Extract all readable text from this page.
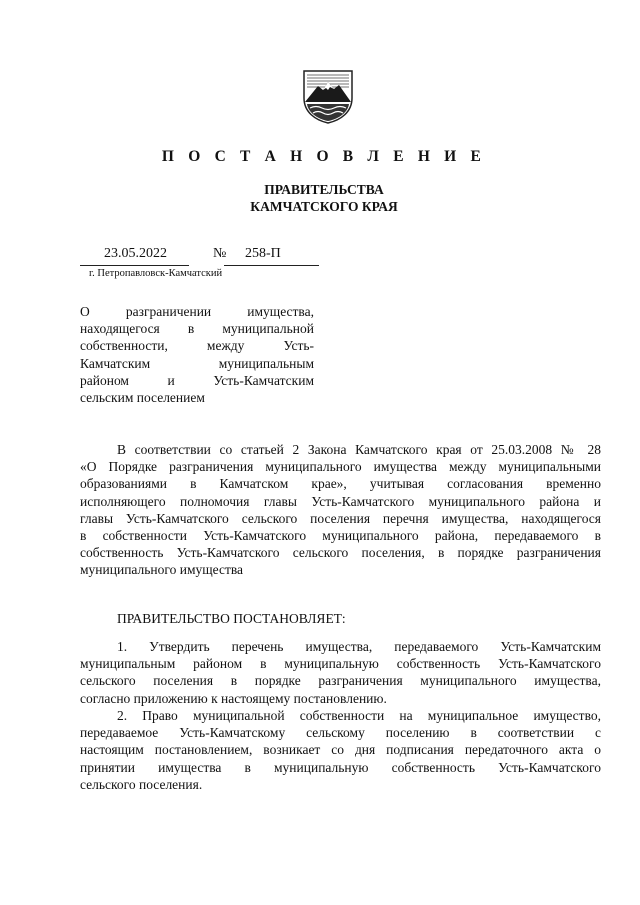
П О С Т А Н О В Л Е Н И Е
ПРАВИТЕЛЬСТВА
КАМЧАТСКОГО КРАЯ
23.05.2022	№ 258-П
г. Петропавловск-Камчатский
О разграничении имущества,
находящегося в муниципальной
собственности, между Усть-
Камчатским муниципальным
районом и Усть-Камчатским
сельским поселением
В соответствии со статьей 2 Закона Камчатского края от 25.03.2008 № 28
«О Порядке разграничения муниципального имущества между муниципальными
образованиями в Камчатском крае», учитывая согласования временно
исполняющего полномочия главы Усть-Камчатского муниципального района и
главы Усть-Камчатского сельского поселения перечня имущества, находящегося
в собственности Усть-Камчатского муниципального района, передаваемого в
собственность Усть-Камчатского сельского поселения, в порядке разграничения
муниципального имущества
ПРАВИТЕЛЬСТВО ПОСТАНОВЛЯЕТ:
1. Утвердить перечень имущества, передаваемого Усть-Камчатским
муниципальным районом в муниципальную собственность Усть-Камчатского
сельского поселения в порядке разграничения муниципального имущества,
согласно приложению к настоящему постановлению.
2. Право муниципальной собственности на муниципальное имущество,
передаваемое Усть-Камчатскому сельскому поселению в соответствии с
настоящим постановлением, возникает со дня подписания передаточного акта о
принятии имущества в муниципальную собственность Усть-Камчатского
сельского поселения.
